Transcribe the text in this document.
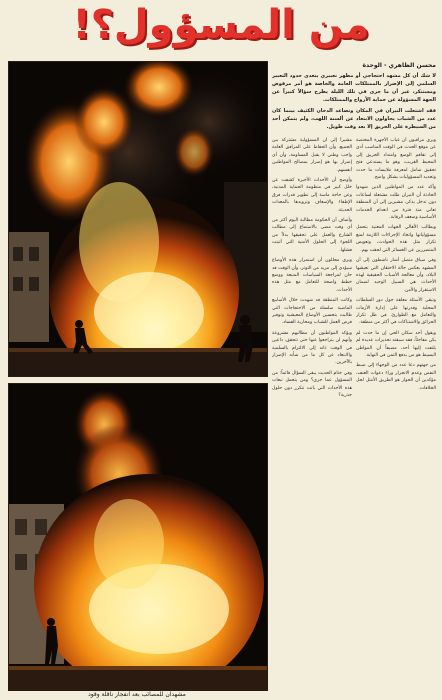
من المسؤول؟!
مشهدان للمصائب بعد انفجار ناقلة وقود
محسن الظاهري - الوحدة

لا شك أن كل مشهد احتجاجي أو مظهر تعبيري يتعدى حدود التعبير السلمي إلى الإضرار بالممتلكات العامة والخاصة هو أمر مرفوض ومستنكر، غير أن ما جرى في تلك الليلة يطرح سؤالاً كبيراً عن الجهة المسؤولة عن حماية الأرواح والممتلكات.

فقد اشتعلت النيران في المكان وتصاعد الدخان الكثيف بينما كان عدد من الشباب يحاولون الابتعاد عن ألسنة اللهب، ولم يتمكن أحد من السيطرة على الحريق إلا بعد وقت طويل.

ويرى مراقبون أن غياب الأجهزة المختصة عن موقع الحدث في الوقت المناسب أدى إلى تفاقم الوضع وامتداد الحريق إلى المحيط القريب، وهو ما يستدعي فتح تحقيق شامل لمعرفة ملابسات ما حدث وتحديد المسؤوليات بشكل واضح.

وأكد عدد من المواطنين الذين شهدوا الحادثة أن النيران ظلت مشتعلة لساعات دون تدخل يذكر، مشيرين إلى أن المنطقة تعاني منذ فترة من انعدام الخدمات الأساسية وضعف الرقابة.

ويطالب الأهالي الجهات المعنية بتحمل مسؤولياتها واتخاذ الإجراءات اللازمة لمنع تكرار مثل هذه الحوادث، وتعويض المتضررين عن الخسائر التي لحقت بهم.

وفي سياق متصل أشار ناشطون إلى أن المشهد يعكس حالة الاحتقان التي تعيشها البلاد، وأن معالجة الأسباب الحقيقية لهذه الأحداث هي السبيل الوحيد لضمان الاستقرار والأمن.

وتبقى الأسئلة معلقة حول دور السلطات المحلية وقدرتها على إدارة الأزمات والتعامل مع الطوارئ، في ظل تكرار الحرائق والاشتباكات في أكثر من منطقة.

ويقول أحد سكان الحي إن ما حدث لم يكن مفاجئاً، فقد سبقته تحذيرات عديدة لم يلتفت إليها أحد، مضيفاً أن المواطن البسيط هو من يدفع الثمن في النهاية.

من جهتهم دعا عدد من الوجهاء إلى ضبط النفس وعدم الانجرار وراء دعوات العنف، مؤكدين أن الحوار هو الطريق الأمثل لحل الخلافات.

مشيراً إلى أن المسؤولية مشتركة بين الجميع، وأن الحفاظ على المرافق العامة واجب وطني لا يقبل المساومة، وأن أي إضرار بها هو إضرار بمصالح المواطنين أنفسهم.

وأوضح أن الأحداث الأخيرة كشفت عن خلل كبير في منظومة الحماية المدنية، وعن حاجة ماسة إلى تطوير قدرات فرق الإطفاء والإسعاف وتزويدها بالمعدات الحديثة.

وأضاف أن الحكومة مطالبة اليوم أكثر من أي وقت مضى بالاستماع إلى مطالب الشارع والعمل على تحقيقها بدلاً من اللجوء إلى الحلول الأمنية التي أثبتت فشلها.

ويرى محللون أن استمرار هذه الأوضاع سيؤدي إلى مزيد من التوتر، وأن الوقت قد حان لمراجعة السياسات المتبعة ووضع خطط واضحة للتعامل مع مثل هذه الأحداث.

وكانت المنطقة قد شهدت خلال الأسابيع الماضية سلسلة من الاحتجاجات التي طالبت بتحسين الأوضاع المعيشية وتوفير فرص العمل للشباب ومحاربة الفساد.

ويؤكد المواطنون أن مطالبهم مشروعة وأنهم لن يتراجعوا عنها حتى تتحقق، داعين في الوقت ذاته إلى الالتزام بالسلمية والابتعاد عن كل ما من شأنه الإضرار بالآخرين.

وفي ختام الحديث يبقى السؤال قائماً: من المسؤول عما جرى؟ ومن يتحمل تبعات هذه الأحداث التي باتت تتكرر دون حلول جذرية؟
